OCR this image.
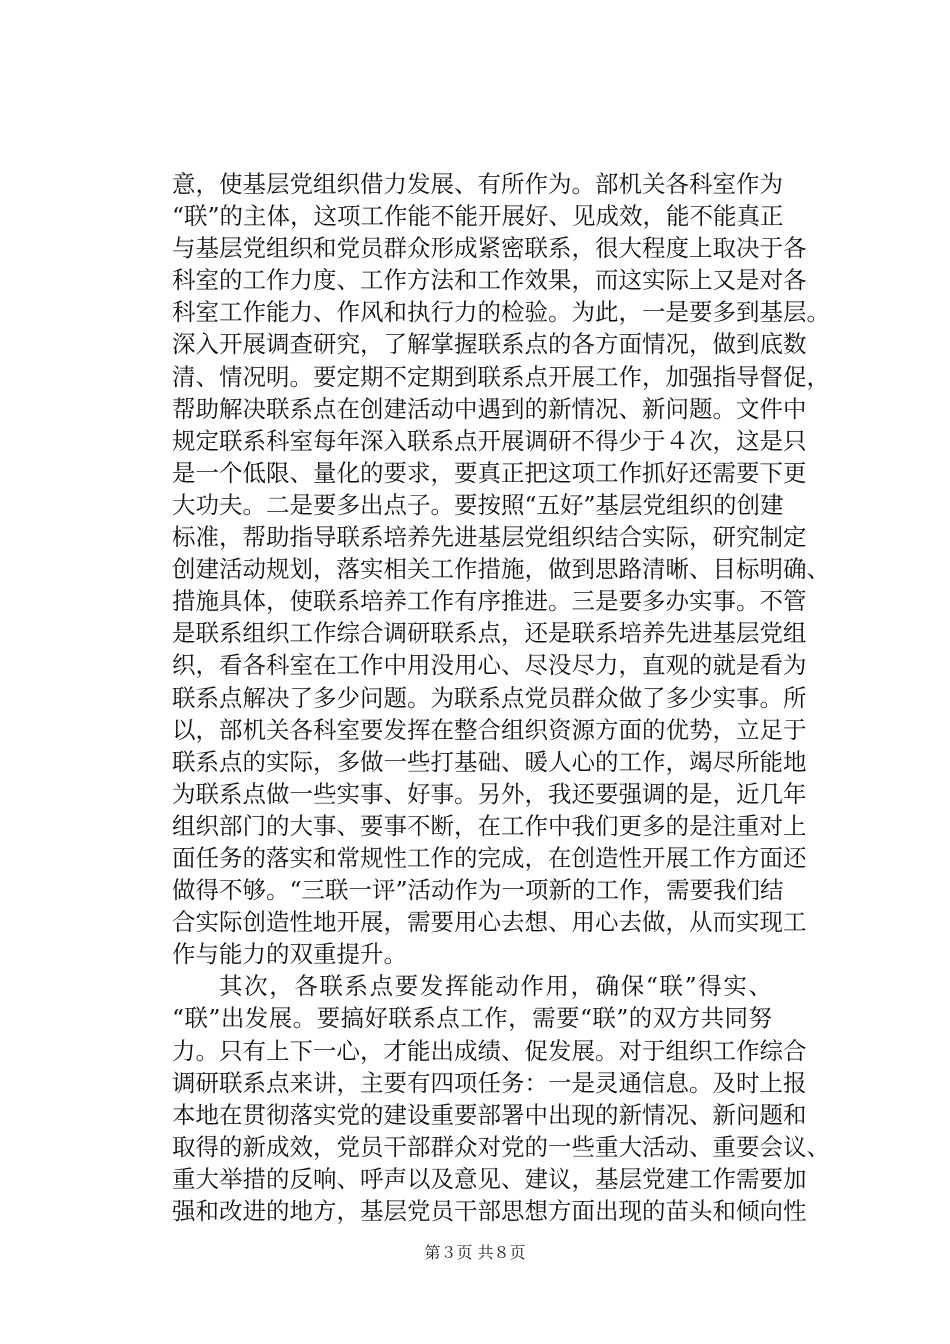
意，使基层党组织借力发展、有所作为。部机关各科室作为
“联”的主体，这项工作能不能开展好、见成效，能不能真正
与基层党组织和党员群众形成紧密联系，很大程度上取决于各
科室的工作力度、工作方法和工作效果，而这实际上又是对各
科室工作能力、作风和执行力的检验。为此，一是要多到基层。
深入开展调查研究，了解掌握联系点的各方面情况，做到底数
清、情况明。要定期不定期到联系点开展工作，加强指导督促，
帮助解决联系点在创建活动中遇到的新情况、新问题。文件中
规定联系科室每年深入联系点开展调研不得少于４次，这是只
是一个低限、量化的要求，要真正把这项工作抓好还需要下更
大功夫。二是要多出点子。要按照“五好”基层党组织的创建
标准，帮助指导联系培养先进基层党组织结合实际，研究制定
创建活动规划，落实相关工作措施，做到思路清晰、目标明确、
措施具体，使联系培养工作有序推进。三是要多办实事。不管
是联系组织工作综合调研联系点，还是联系培养先进基层党组
织，看各科室在工作中用没用心、尽没尽力，直观的就是看为
联系点解决了多少问题。为联系点党员群众做了多少实事。所
以，部机关各科室要发挥在整合组织资源方面的优势，立足于
联系点的实际，多做一些打基础、暖人心的工作，竭尽所能地
为联系点做一些实事、好事。另外，我还要强调的是，近几年
组织部门的大事、要事不断，在工作中我们更多的是注重对上
面任务的落实和常规性工作的完成，在创造性开展工作方面还
做得不够。“三联一评”活动作为一项新的工作，需要我们结
合实际创造性地开展，需要用心去想、用心去做，从而实现工
作与能力的双重提升。
其次，各联系点要发挥能动作用，确保“联”得实、
“联”出发展。要搞好联系点工作，需要“联”的双方共同努
力。只有上下一心，才能出成绩、促发展。对于组织工作综合
调研联系点来讲，主要有四项任务：一是灵通信息。及时上报
本地在贯彻落实党的建设重要部署中出现的新情况、新问题和
取得的新成效，党员干部群众对党的一些重大活动、重要会议、
重大举措的反响、呼声以及意见、建议，基层党建工作需要加
强和改进的地方，基层党员干部思想方面出现的苗头和倾向性
第３页 共８页
